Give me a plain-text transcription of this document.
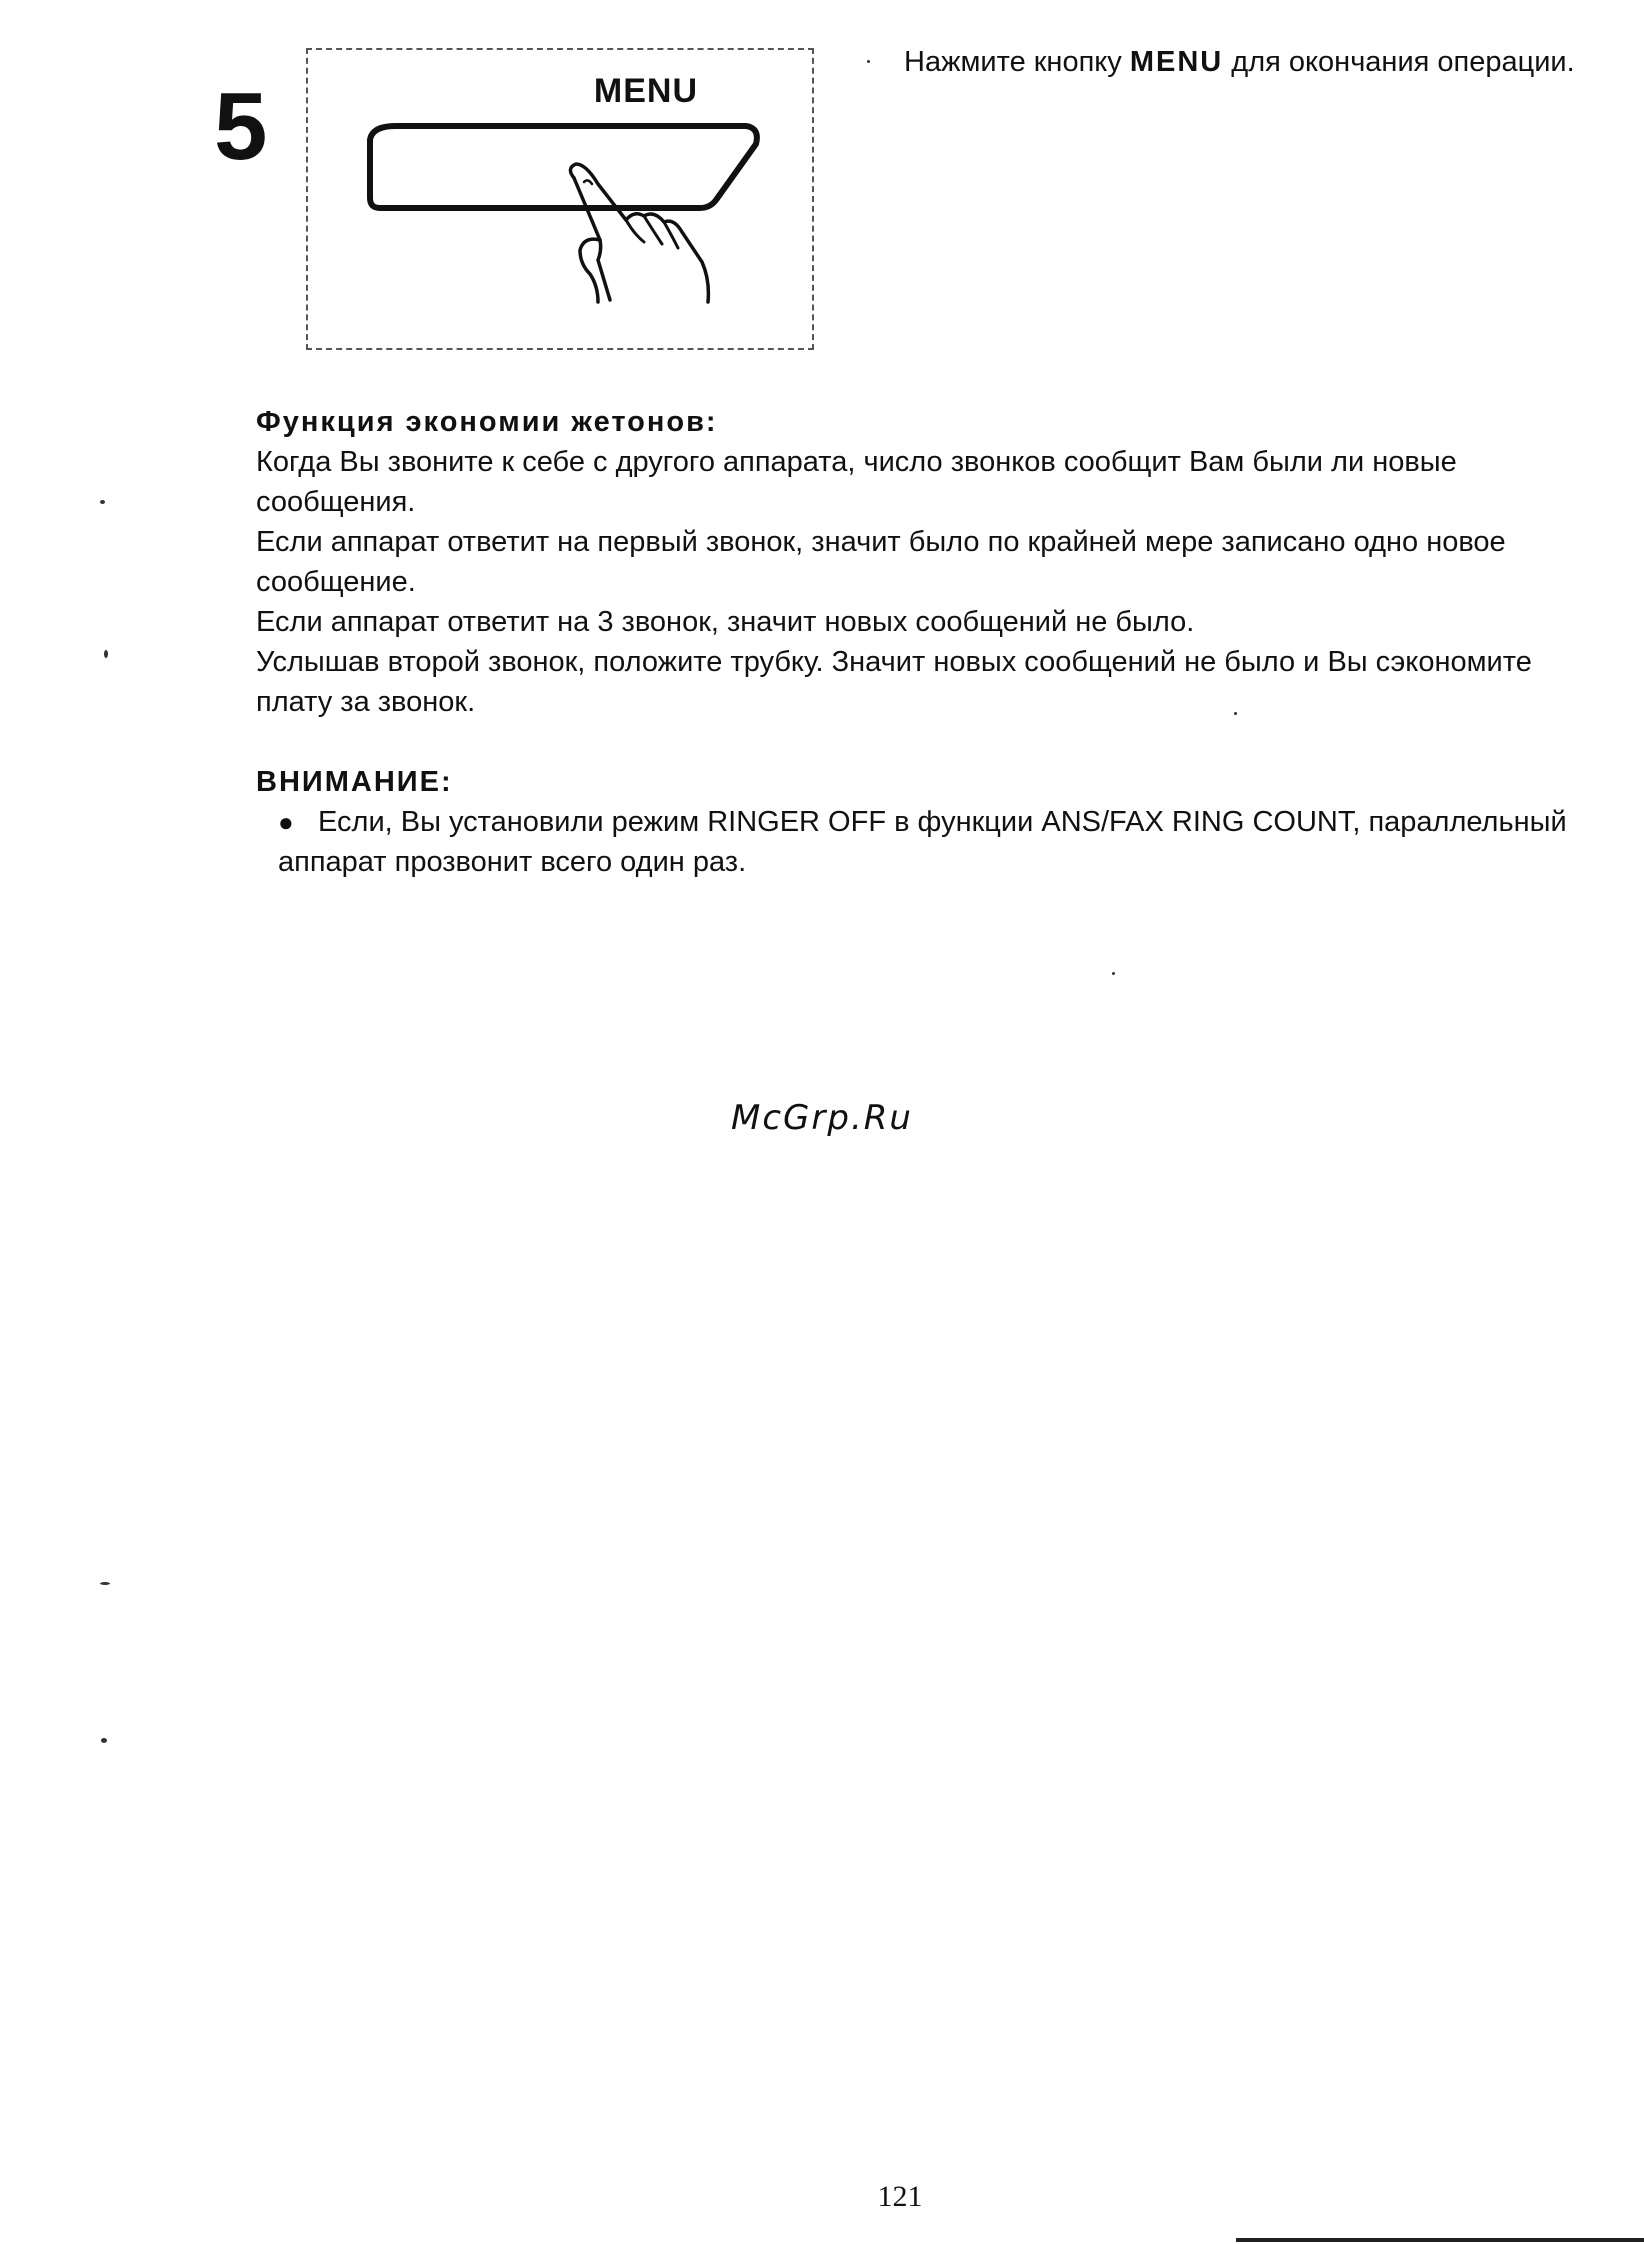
5	MENU
Нажмите кнопку MENU для окончания операции.
Функция экономии жетонов:

Когда Вы звоните к себе с другого аппарата, число звонков сообщит Вам были ли новые сообщения.

Если аппарат ответит на первый звонок, значит было по крайней мере записано одно новое сообщение.

Если аппарат ответит на 3 звонок, значит новых сообщений не было.

Услышав второй звонок, положите трубку. Значит новых сообщений не было и Вы сэкономите плату за звонок.

ВНИМАНИЕ:
● Если, Вы установили режим RINGER OFF в функции ANS/FAX RING COUNT, параллельный аппарат прозвонит всего один раз.
McGrp.Ru
121
